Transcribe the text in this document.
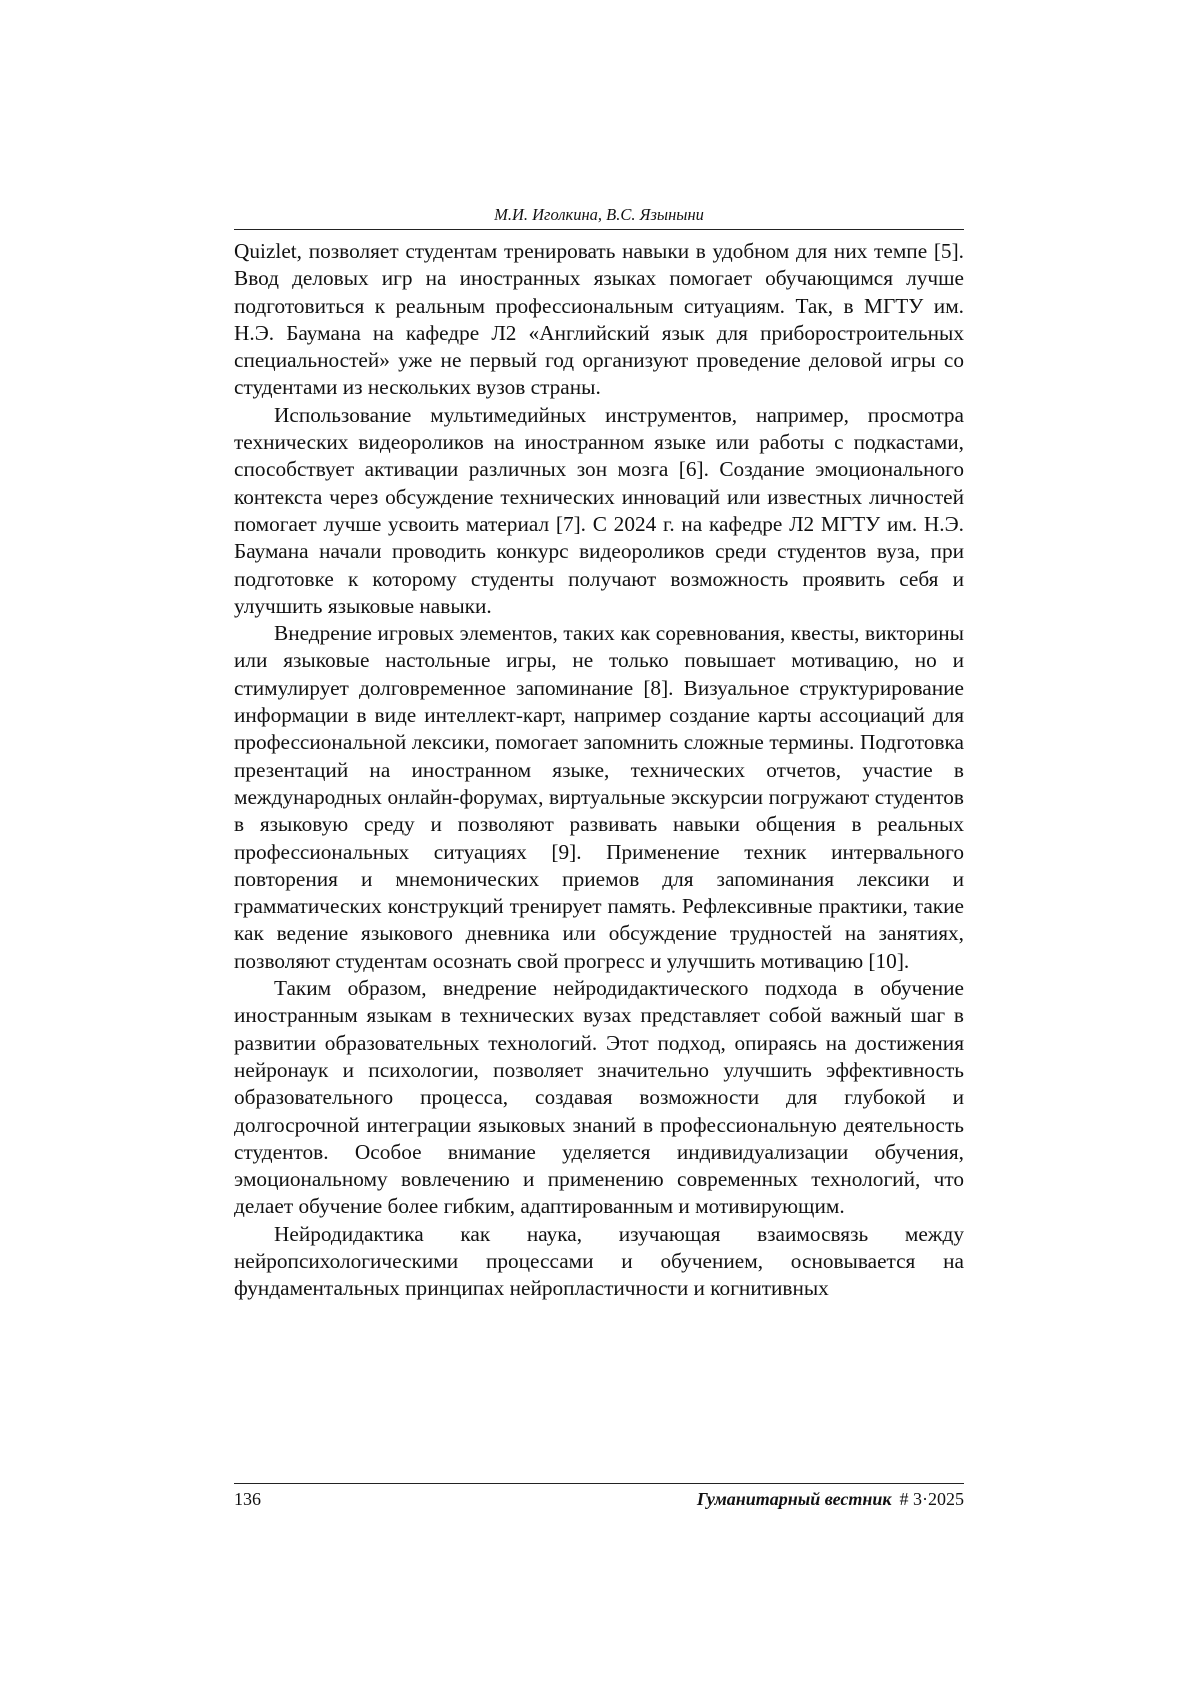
М.И. Иголкина, В.С. Языныни

Quizlet, позволяет студентам тренировать навыки в удобном для них темпе [5]. Ввод деловых игр на иностранных языках помогает обучающимся лучше подготовиться к реальным профессиональным ситуациям. Так, в МГТУ им. Н.Э. Баумана на кафедре Л2 «Английский язык для приборостроительных специальностей» уже не первый год организуют проведение деловой игры со студентами из нескольких вузов страны.

Использование мультимедийных инструментов, например, просмотра технических видеороликов на иностранном языке или работы с подкастами, способствует активации различных зон мозга [6]. Создание эмоционального контекста через обсуждение технических инноваций или известных личностей помогает лучше усвоить материал [7]. С 2024 г. на кафедре Л2 МГТУ им. Н.Э. Баумана начали проводить конкурс видеороликов среди студентов вуза, при подготовке к которому студенты получают возможность проявить себя и улучшить языковые навыки.

Внедрение игровых элементов, таких как соревнования, квесты, викторины или языковые настольные игры, не только повышает мотивацию, но и стимулирует долговременное запоминание [8]. Визуальное структурирование информации в виде интеллект-карт, например создание карты ассоциаций для профессиональной лексики, помогает запомнить сложные термины. Подготовка презентаций на иностранном языке, технических отчетов, участие в международных онлайн-форумах, виртуальные экскурсии погружают студентов в языковую среду и позволяют развивать навыки общения в реальных профессиональных ситуациях [9]. Применение техник интервального повторения и мнемонических приемов для запоминания лексики и грамматических конструкций тренирует память. Рефлексивные практики, такие как ведение языкового дневника или обсуждение трудностей на занятиях, позволяют студентам осознать свой прогресс и улучшить мотивацию [10].

Таким образом, внедрение нейродидактического подхода в обучение иностранным языкам в технических вузах представляет собой важный шаг в развитии образовательных технологий. Этот подход, опираясь на достижения нейронаук и психологии, позволяет значительно улучшить эффективность образовательного процесса, создавая возможности для глубокой и долгосрочной интеграции языковых знаний в профессиональную деятельность студентов. Особое внимание уделяется индивидуализации обучения, эмоциональному вовлечению и применению современных технологий, что делает обучение более гибким, адаптированным и мотивирующим.

Нейродидактика как наука, изучающая взаимосвязь между нейропсихологическими процессами и обучением, основывается на фундаментальных принципах нейропластичности и когнитивных

136	Гуманитарный вестник # 3·2025
